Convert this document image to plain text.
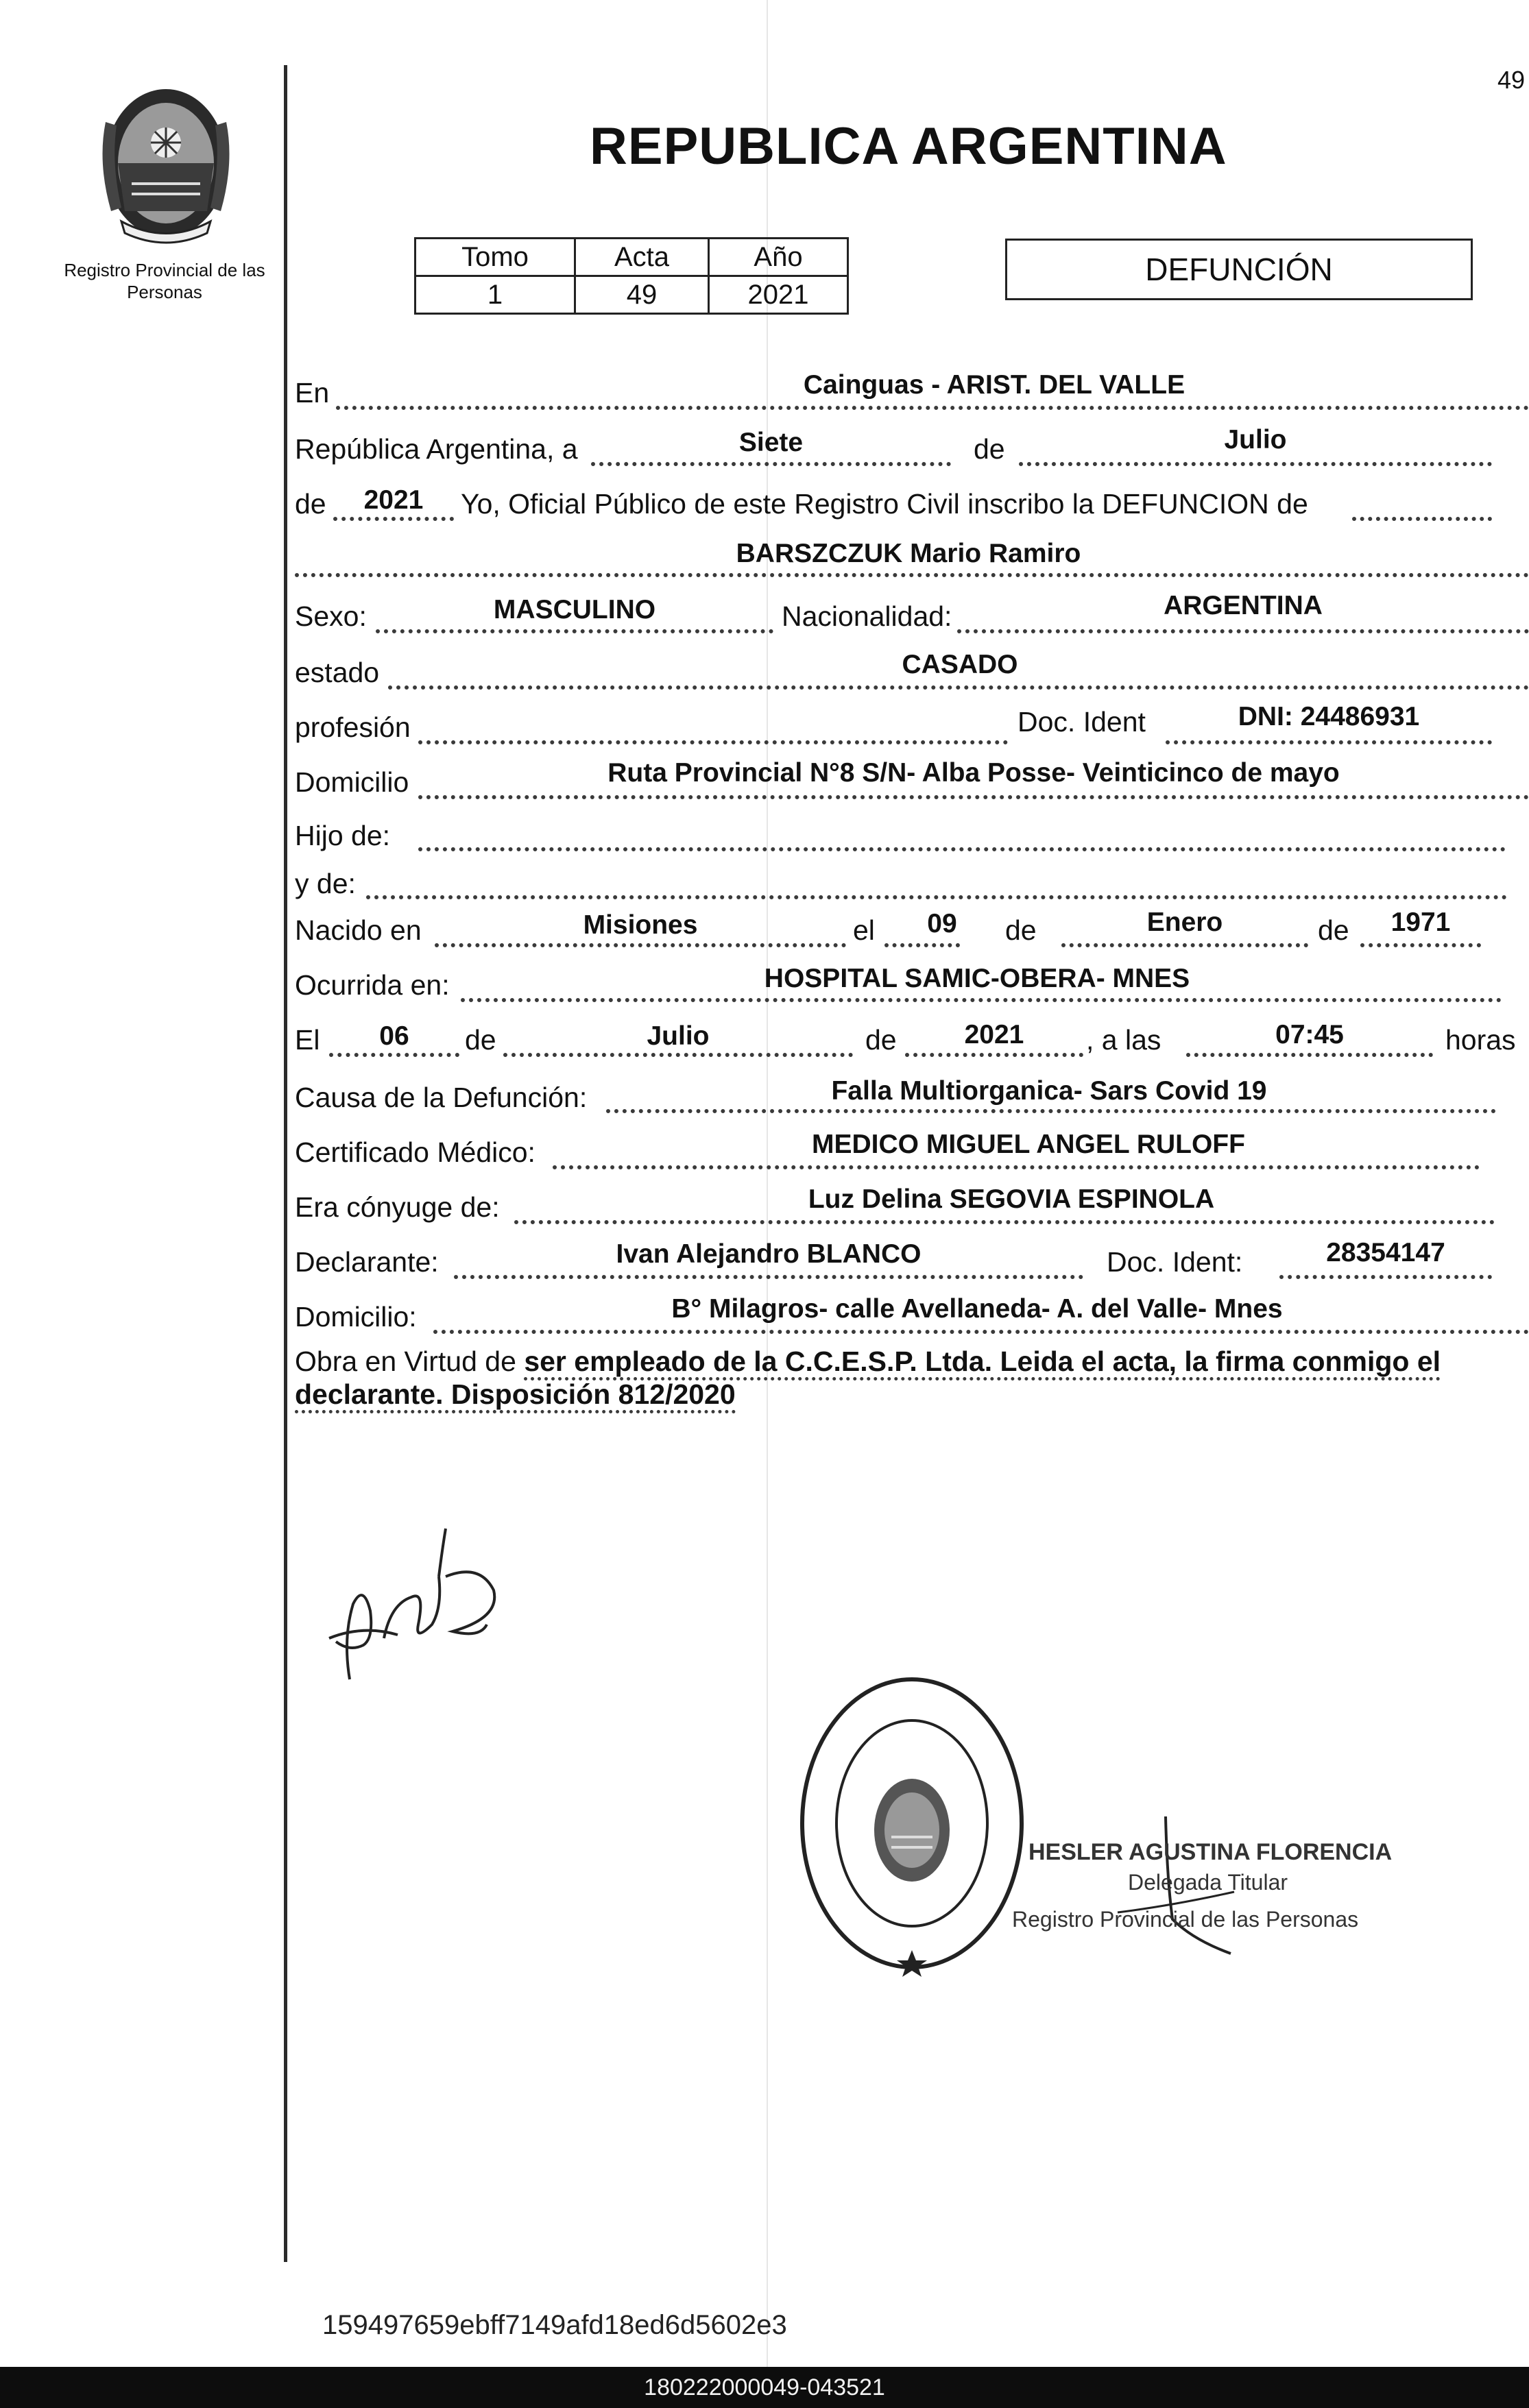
Registro Provincial de las Personas
49
REPUBLICA ARGENTINA
Tomo	Acta	Año
1	49	2021
DEFUNCIÓN
En	Cainguas - ARIST. DEL VALLE
República Argentina, a	Siete	de	Julio
de	2021	Yo, Oficial Público de este Registro Civil inscribo la DEFUNCION de
BARSZCZUK Mario Ramiro
Sexo:	MASCULINO	Nacionalidad:	ARGENTINA
estado	CASADO
profesión	Doc. Ident	DNI: 24486931
Domicilio	Ruta Provincial N°8 S/N- Alba Posse- Veinticinco de mayo
Hijo de:
y de:
Nacido en	Misiones	el	09	de	Enero	de	1971
Ocurrida en:	HOSPITAL SAMIC-OBERA- MNES
El	06	de	Julio	de	2021	, a las	07:45	horas
Causa de la Defunción:	Falla Multiorganica- Sars Covid 19
Certificado Médico:	MEDICO MIGUEL ANGEL RULOFF
Era cónyuge de:	Luz Delina SEGOVIA ESPINOLA
Declarante:	Ivan Alejandro BLANCO	Doc. Ident:	28354147
Domicilio:	B° Milagros- calle Avellaneda- A. del Valle- Mnes
Obra en Virtud de ser empleado de la C.C.E.S.P. Ltda. Leida el acta, la firma conmigo el declarante. Disposición 812/2020
HESLER AGUSTINA FLORENCIA
Delegada Titular
Registro Provincial de las Personas
159497659ebff7149afd18ed6d5602e3
180222000049-043521
